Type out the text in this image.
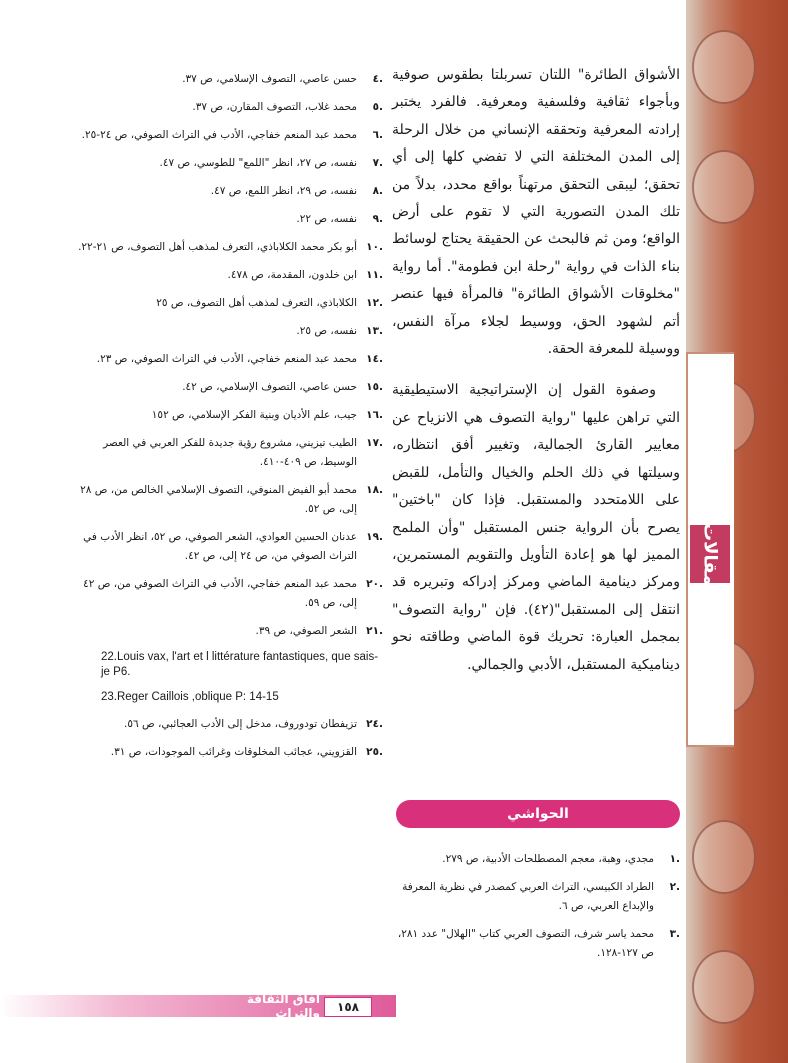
مقالات

الأشواق الطائرة" اللتان تسربلتا بطقوس صوفية وبأجواء ثقافية وفلسفية ومعرفية. فالفرد يختبر إرادته المعرفية وتحققه الإنساني من خلال الرحلة إلى المدن المختلفة التي لا تفضي كلها إلى أي تحقق؛ ليبقى التحقق مرتهناً بواقع محدد، بدلاً من تلك المدن التصورية التي لا تقوم على أرض الواقع؛ ومن ثم فالبحث عن الحقيقة يحتاج لوسائط بناء الذات في رواية "رحلة ابن فطومة". أما رواية "مخلوقات الأشواق الطائرة" فالمرأة فيها عنصر أتم لشهود الحق، ووسيط لجلاء مرآة النفس، ووسيلة للمعرفة الحقة.

وصفوة القول إن الإستراتيجية الاستيطيقية التي تراهن عليها "رواية التصوف هي الانزياح عن معايير القارئ الجمالية، وتغيير أفق انتظاره، وسيلتها في ذلك الحلم والخيال والتأمل، للقبض على اللامتحدد والمستقبل. فإذا كان "باختين" يصرح بأن الرواية جنس المستقبل "وأن الملمح المميز لها هو إعادة التأويل والتقويم المستمرين، ومركز دينامية الماضي ومركز إدراكه وتبريره قد انتقل إلى المستقبل"(٤٢). فإن "رواية التصوف" بمجمل العبارة: تحريك قوة الماضي وطاقته نحو ديناميكية المستقبل، الأدبي والجمالي.

.٤
حسن عاصي، التصوف الإسلامي، ص ٣٧.
.٥
محمد غلاب، التصوف المقارن، ص ٣٧.
.٦
محمد عبد المنعم خفاجي، الأدب في التراث الصوفي، ص ٢٤-٢٥.
.٧
نفسه، ص ٢٧، انظر "اللمع" للطوسي، ص ٤٧.
.٨
نفسه، ص ٢٩، انظر اللمع، ص ٤٧.
.٩
نفسه، ص ٢٢.
.١٠
أبو بكر محمد الكلاباذي، التعرف لمذهب أهل التصوف، ص ٢١-٢٢.
.١١
ابن خلدون، المقدمة، ص ٤٧٨.
.١٢
الكلاباذي، التعرف لمذهب أهل التصوف، ص ٢٥
.١٣
نفسه، ص ٢٥.
.١٤
محمد عبد المنعم خفاجي، الأدب في التراث الصوفي، ص ٢٣.
.١٥
حسن عاصي، التصوف الإسلامي، ص ٤٢.
.١٦
جيب، علم الأديان وبنية الفكر الإسلامي، ص ١٥٢
.١٧
الطيب تيزيني، مشروع رؤية جديدة للفكر العربي في العصر الوسيط، ص ٤٠٩-٤١٠.
.١٨
محمد أبو الفيض المنوفي، التصوف الإسلامي الخالص من، ص ٢٨ إلى، ص ٥٢.
.١٩
عدنان الحسين العوادي، الشعر الصوفي، ص ٥٢، انظر الأدب في التراث الصوفي من، ص ٢٤ إلى، ص ٤٢.
.٢٠
محمد عبد المنعم خفاجي، الأدب في التراث الصوفي من، ص ٤٢ إلى، ص ٥٩.
.٢١
الشعر الصوفي، ص ٣٩.
22.Louis vax, l'art et l littérature fantastiques, que sais-je P6.
23.Reger Caillois ,oblique P: 14-15
.٢٤
تزيفطان تودوروف، مدخل إلى الأدب العجائبي، ص ٥٦.
.٢٥
القزويني، عجائب المخلوقات وغرائب الموجودات، ص ٣١.
الحواشي
.١
مجدي، وهبة، معجم المصطلحات الأدبية، ص ٢٧٩.
.٢
الطراد الكبيسي، التراث العربي كمصدر في نظرية المعرفة والإبداع العربي، ص ٦.
.٣
محمد ياسر شرف، التصوف العربي كتاب "الهلال" عدد ٢٨١، ص ١٢٧-١٢٨.
١٥٨
آفاق الثقافة والتراث
